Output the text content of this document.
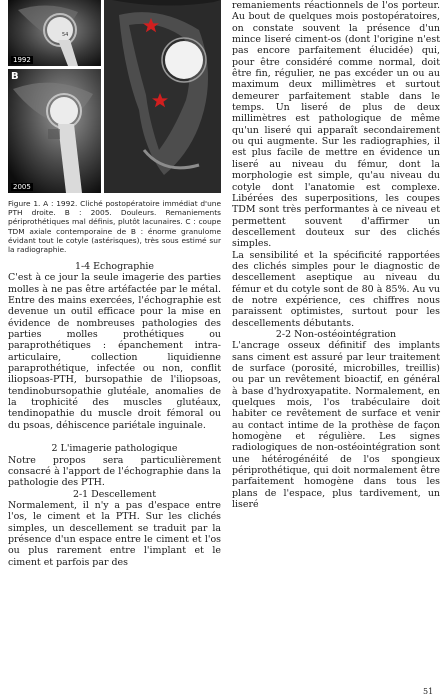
54
1992
B
2005
Figure 1. A : 1992. Cliché postopératoire immédiat d'une PTH droite. B : 2005. Douleurs. Remaniements périprothétiques mal définis, plutôt lacunaires. C : coupe TDM axiale contemporaine de B : énorme granulome évidant tout le cotyle (astérisques), très sous estimé sur la radiographie.

1-4 Echographie

C'est à ce jour la seule imagerie des parties molles à ne pas être artéfactée par le métal. Entre des mains exercées, l'échographie est devenue un outil efficace pour la mise en évidence de nombreuses pathologies des parties molles prothétiques ou paraprothétiques : épanchement intra-articulaire, collection liquidienne paraprothétique, infectée ou non, conflit iliopsoas-PTH, bursopathie de l'iliopsoas, tendinobursopathie glutéale, anomalies de la trophicité des muscles glutéaux, tendinopathie du muscle droit fémoral ou du psoas, déhiscence pariétale inguinale.

2 L'imagerie pathologique

Notre propos sera particulièrement consacré à l'apport de l'échographie dans la pathologie des PTH.

2-1 Descellement

Normalement, il n'y a pas d'espace entre l'os, le ciment et la PTH. Sur les clichés simples, un descellement se traduit par la présence d'un espace entre le ciment et l'os ou plus rarement entre l'implant et le ciment et parfois par des

remaniements réactionnels de l'os porteur. Au bout de quelques mois postopératoires, on constate souvent la présence d'un mince liseré ciment-os (dont l'origine n'est pas encore parfaitement élucidée) qui, pour être considéré comme normal, doit être fin, régulier, ne pas excéder un ou au maximum deux millimètres et surtout demeurer parfaitement stable dans le temps. Un liseré de plus de deux millimètres est pathologique de même qu'un liseré qui apparaît secondairement ou qui augmente. Sur les radiographies, il est plus facile de mettre en évidence un liseré au niveau du fémur, dont la morphologie est simple, qu'au niveau du cotyle dont l'anatomie est complexe. Libérées des superpositions, les coupes TDM sont très performantes à ce niveau et permettent souvent d'affirmer un descellement douteux sur des clichés simples.

La sensibilité et la spécificité rapportées des clichés simples pour le diagnostic de descellement aseptique au niveau du fémur et du cotyle sont de 80 à 85%. Au vu de notre expérience, ces chiffres nous paraissent optimistes, surtout pour les descellements débutants.

2-2 Non-ostéointégration

L'ancrage osseux définitif des implants sans ciment est assuré par leur traitement de surface (porosité, microbilles, treillis) ou par un revêtement bioactif, en général à base d'hydroxyapatite. Normalement, en quelques mois, l'os trabéculaire doit habiter ce revêtement de surface et venir au contact intime de la prothèse de façon homogène et régulière. Les signes radiologiques de non-ostéointégration sont une hétérogénéité de l'os spongieux périprothétique, qui doit normalement être parfaitement homogène dans tous les plans de l'espace, plus tardivement, un liseré

51
